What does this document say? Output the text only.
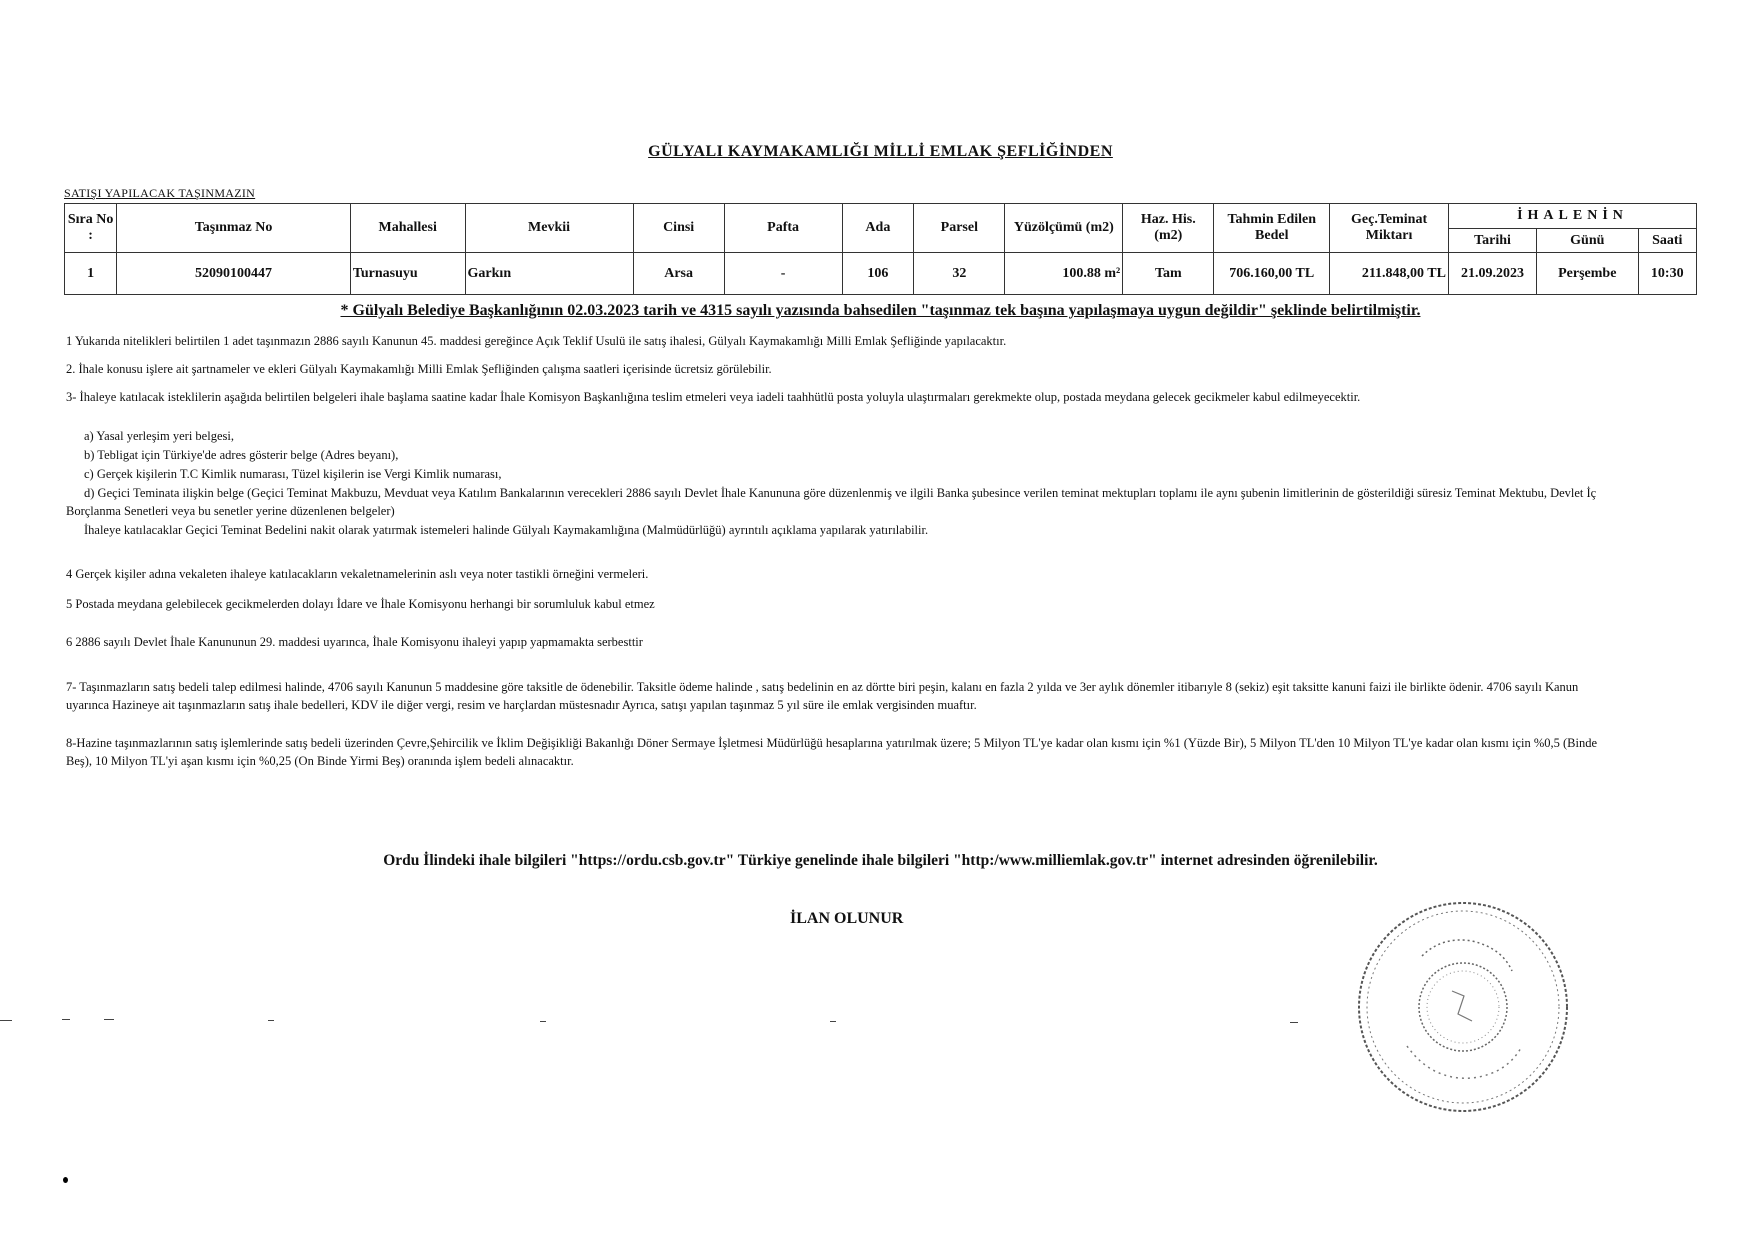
GÜLYALI KAYMAKAMLIĞI MİLLİ EMLAK ŞEFLİĞİNDEN
SATIŞI YAPILACAK TAŞINMAZIN
Sıra No :	Taşınmaz No	Mahallesi	Mevkii	Cinsi	Pafta	Ada	Parsel	Yüzölçümü (m2)	Haz. His. (m2)	Tahmin Edilen Bedel	Geç.Teminat Miktarı	İHALENİN		
												Tarihi	Günü	Saati
1	52090100447	Turnasuyu	Garkın	Arsa	-	106	32	100.88 m²	Tam	706.160,00 TL	211.848,00 TL	21.09.2023	Perşembe	10:30
* Gülyalı Belediye Başkanlığının 02.03.2023 tarih ve 4315 sayılı yazısında bahsedilen "taşınmaz tek başına yapılaşmaya uygun değildir" şeklinde belirtilmiştir.
1 Yukarıda nitelikleri belirtilen 1 adet taşınmazın 2886 sayılı Kanunun 45. maddesi gereğince Açık Teklif Usulü ile satış ihalesi, Gülyalı Kaymakamlığı Milli Emlak Şefliğinde yapılacaktır.
2. İhale konusu işlere ait şartnameler ve ekleri Gülyalı Kaymakamlığı Milli Emlak Şefliğinden çalışma saatleri içerisinde ücretsiz görülebilir.
3- İhaleye katılacak isteklilerin aşağıda belirtilen belgeleri ihale başlama saatine kadar İhale Komisyon Başkanlığına teslim etmeleri veya iadeli taahhütlü posta yoluyla ulaştırmaları gerekmekte olup, postada meydana gelecek gecikmeler kabul edilmeyecektir.
a) Yasal yerleşim yeri belgesi,
b) Tebligat için Türkiye'de adres gösterir belge (Adres beyanı),
c) Gerçek kişilerin T.C Kimlik numarası, Tüzel kişilerin ise Vergi Kimlik numarası,
d) Geçici Teminata ilişkin belge (Geçici Teminat Makbuzu, Mevduat veya Katılım Bankalarının verecekleri 2886 sayılı Devlet İhale Kanununa göre düzenlenmiş ve ilgili Banka şubesince verilen teminat mektupları toplamı ile aynı şubenin limitlerinin de gösterildiği süresiz Teminat Mektubu, Devlet İç Borçlanma Senetleri veya bu senetler yerine düzenlenen belgeler)
İhaleye katılacaklar Geçici Teminat Bedelini nakit olarak yatırmak istemeleri halinde Gülyalı Kaymakamlığına (Malmüdürlüğü) ayrıntılı açıklama yapılarak yatırılabilir.
4 Gerçek kişiler adına vekaleten ihaleye katılacakların vekaletnamelerinin aslı veya noter tastikli örneğini vermeleri.
5 Postada meydana gelebilecek gecikmelerden dolayı İdare ve İhale Komisyonu herhangi bir sorumluluk kabul etmez
6 2886 sayılı Devlet İhale Kanununun 29. maddesi uyarınca, İhale Komisyonu ihaleyi yapıp yapmamakta serbesttir
7- Taşınmazların satış bedeli talep edilmesi halinde, 4706 sayılı Kanunun 5 maddesine göre taksitle de ödenebilir. Taksitle ödeme halinde , satış bedelinin en az dörtte biri peşin, kalanı en fazla 2 yılda ve 3er aylık dönemler itibarıyle 8 (sekiz) eşit taksitte kanuni faizi ile birlikte ödenir. 4706 sayılı Kanun uyarınca Hazineye ait taşınmazların satış ihale bedelleri, KDV ile diğer vergi, resim ve harçlardan müstesnadır Ayrıca, satışı yapılan taşınmaz 5 yıl süre ile emlak vergisinden muaftır.
8-Hazine taşınmazlarının satış işlemlerinde satış bedeli üzerinden Çevre,Şehircilik ve İklim Değişikliği Bakanlığı Döner Sermaye İşletmesi Müdürlüğü hesaplarına yatırılmak üzere; 5 Milyon TL'ye kadar olan kısmı için %1 (Yüzde Bir), 5 Milyon TL'den 10 Milyon TL'ye kadar olan kısmı için %0,5 (Binde Beş), 10 Milyon TL'yi aşan kısmı için %0,25 (On Binde Yirmi Beş) oranında işlem bedeli alınacaktır.
Ordu İlindeki ihale bilgileri "https://ordu.csb.gov.tr" Türkiye genelinde ihale bilgileri "http:/www.milliemlak.gov.tr" internet adresinden öğrenilebilir.
İLAN OLUNUR
